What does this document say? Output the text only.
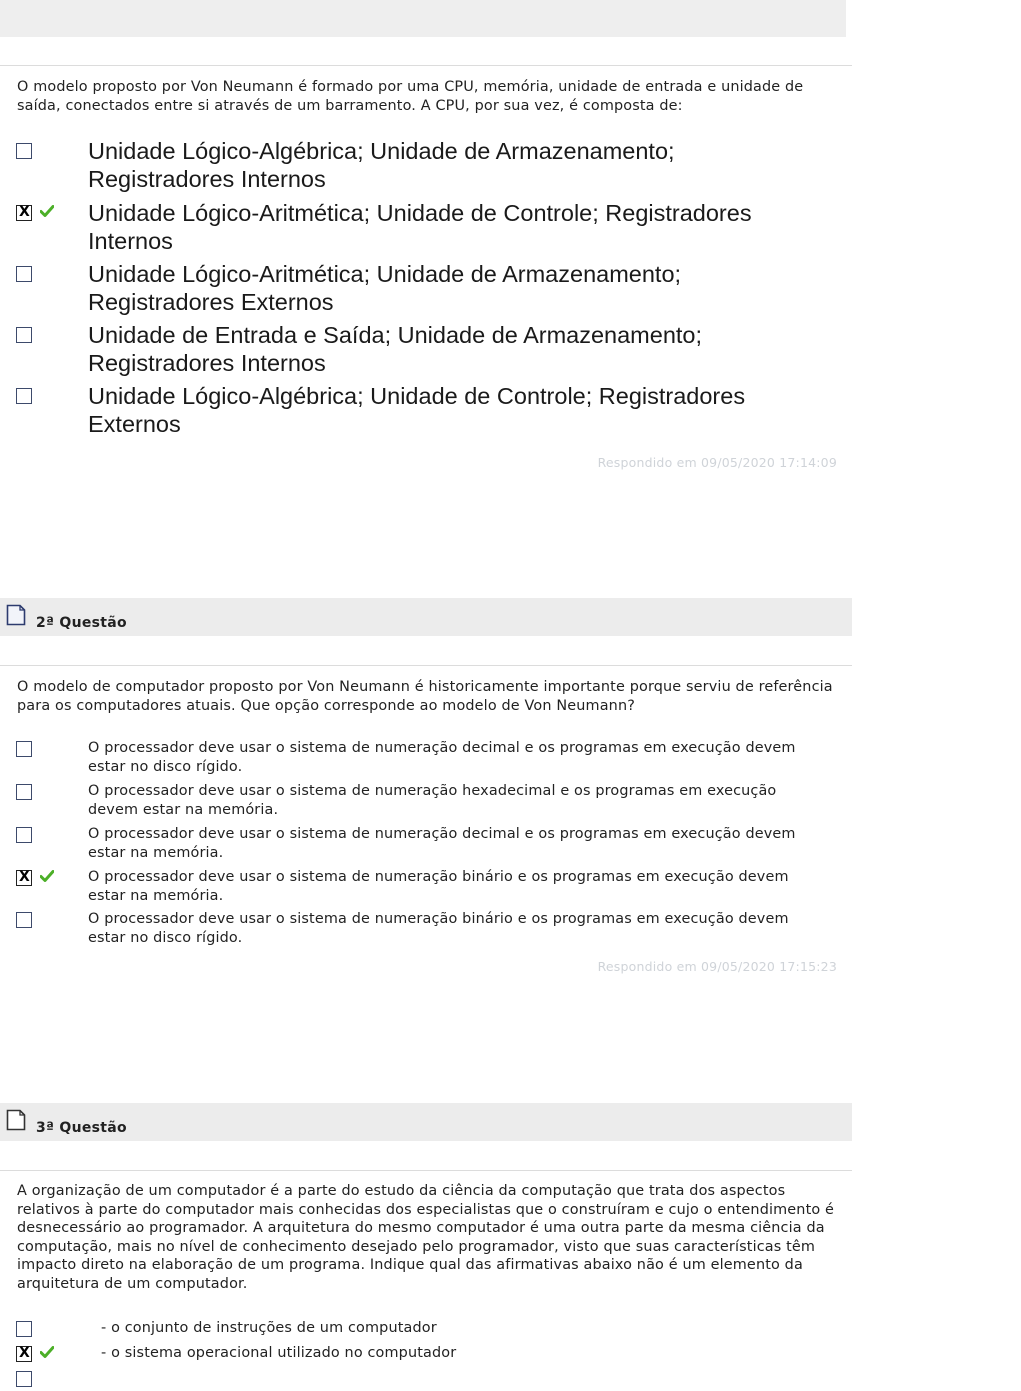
O modelo proposto por Von Neumann é formado por uma CPU, memória, unidade de entrada e unidade de saída, conectados entre si através de um barramento. A CPU, por sua vez, é composta de:
Unidade Lógico-Algébrica; Unidade de Armazenamento; Registradores Internos
X
Unidade Lógico-Aritmética; Unidade de Controle; Registradores Internos
Unidade Lógico-Aritmética; Unidade de Armazenamento; Registradores Externos
Unidade de Entrada e Saída; Unidade de Armazenamento; Registradores Internos
Unidade Lógico-Algébrica; Unidade de Controle; Registradores Externos
Respondido em 09/05/2020 17:14:09
2ª Questão
O modelo de computador proposto por Von Neumann é historicamente importante porque serviu de referência para os computadores atuais. Que opção corresponde ao modelo de Von Neumann?
O processador deve usar o sistema de numeração decimal e os programas em execução devem estar no disco rígido.
O processador deve usar o sistema de numeração hexadecimal e os programas em execução devem estar na memória.
O processador deve usar o sistema de numeração decimal e os programas em execução devem estar na memória.
X
O processador deve usar o sistema de numeração binário e os programas em execução devem estar na memória.
O processador deve usar o sistema de numeração binário e os programas em execução devem estar no disco rígido.
Respondido em 09/05/2020 17:15:23
3ª Questão
A organização de um computador é a parte do estudo da ciência da computação que trata dos aspectos relativos à parte do computador mais conhecidas dos especialistas que o construíram e cujo o entendimento é desnecessário ao programador. A arquitetura do mesmo computador é uma outra parte da mesma ciência da computação, mais no nível de conhecimento desejado pelo programador, visto que suas características têm impacto direto na elaboração de um programa. Indique qual das afirmativas abaixo não é um elemento da arquitetura de um computador.
- o conjunto de instruções de um computador
X
- o sistema operacional utilizado no computador
